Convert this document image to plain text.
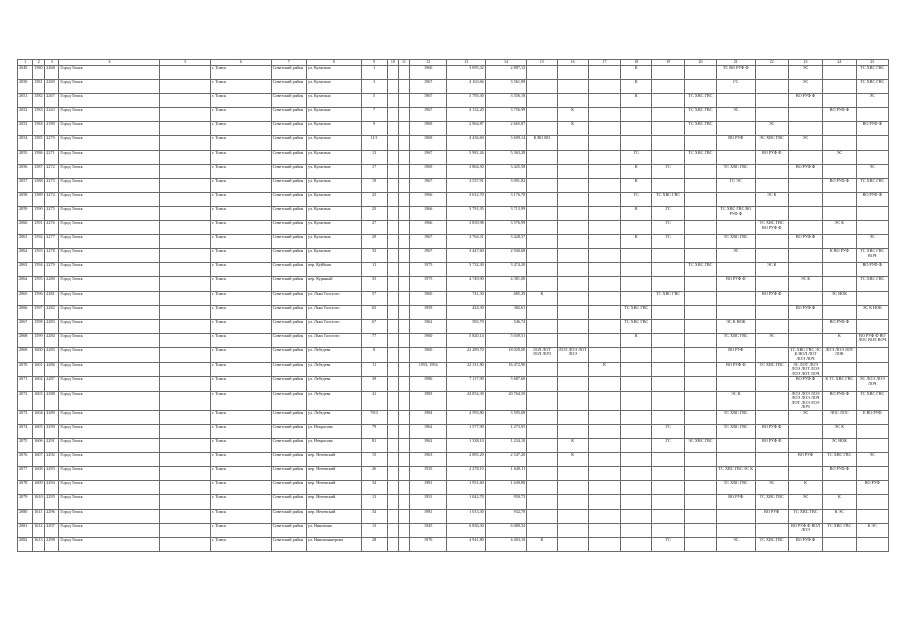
1	2	3	4	5	6	7	8	9	10	11	12	13	14	15	16	17	18	19	20	21	22	23	24	25
2049	1580	2268	Город Томск		г. Томск	Советский район	ул. Кулагина	1			1960	3 095,32	2 887,12				К			ТС ВО РУФ Ф		ЭС		ТС ХВС ГВС
2050	1581	2269	Город Томск		г. Томск	Советский район	ул. Кулагина	3			1967	4 163,66	3 561,98				К			ГС		ЭС		ТС ХВС ГВС
2051	1582	2267	Город Томск		г. Томск	Советский район	ул. Кулагина	5			1967	3 795,30	3 356,18				К		ТС ХВС ГВС			ВО РУФ Ф		ЭС
2052	1583	2243	Город Томск		г. Томск	Советский район	ул. Кулагина	7			1967	4 132,20	3 756,99		К				ТС ХВС ГВС	ЭС			ВО РУФ Ф	
2053	1584	2189	Город Томск		г. Томск	Советский район	ул. Кулагина	9			1969	2 964,87	2 665,87		К				ТС ХВС ГВС		ЭС			ВО РУФ Ф
2054	1585	2270	Город Томск		г. Томск	Советский район	ул. Кулагина	11/1			1969	4 436,60	3 609,14	К ВО ВО						ВО РУФ	ЭС ХВС ГВС	ЭС		
2055	1586	2271	Город Томск		г. Томск	Советский район	ул. Кулагина	13			1967	5 981,26	5 363,28				ГС		ТС ХВС ГВС		ВО РУФ Ф		ЭС	
2056	1587	2272	Город Томск		г. Томск	Советский район	ул. Кулагина	17			1969	3 864,50	3 425,58				К	ГС		ТС ХВС ГВС		ВО РУФ Ф		ЭС
2057	1588	2273	Город Томск		г. Томск	Советский район	ул. Кулагина	19			1967	3 537,91	3 091,82				К			ГС ЭС			ВО РУФ Ф	ТС ХВС ГВС
2058	1589	2274	Город Томск		г. Томск	Советский район	ул. Кулагина	23			1966	3 612,70	3 176,70				ГС	ТС ХВС ГВС			ЭС К			ВО РУФ Ф
2059	1590	2275	Город Томск		г. Томск	Советский район	ул. Кулагина	25			1966	3 791,95	3 713,99				К	ГС		ТС ХВС ГВС ВО РУФ Ф				
2060	1591	2276	Город Томск		г. Томск	Советский район	ул. Кулагина	27			1966	3 839,98	3 576,99					ГС			ТС ХВС ГВС ВО РУФ Ф		ЭС К	
2061	1592	2277	Город Томск		г. Томск	Советский район	ул. Кулагина	29			1967	3 764,31	3 428,57				К	ГС		ТС ХВС ГВС		ВО РУФ Ф		ЭС
2062	1593	2278	Город Томск		г. Томск	Советский район	ул. Кулагина	33			1967	3 447,60	2 940,68							ЭС			К ВО РУФ	ТС ХВС ГВС ВОЧ
2063	1594	2279	Город Томск		г. Томск	Советский район	пер. Куйбыш	11			1975	3 732,30	3 474,20						ТС ХВС ГВС		ЭС К			ВО РУФ Ф
2064	1595	2280	Город Томск		г. Томск	Советский район	пер. Куриный	35			1975	4 749,90	4 381,00							ВО РУФ Ф		ЭС К		ТС ХВС ГВС
2065	1596	2281	Город Томск		г. Томск	Советский район	ул. Льва Толстого	57			1960	741,30	685,29	К				ТС ХВС ГВС			ВО РУФ Ф		ЭС НОК	
2066	1597	2282	Город Томск		г. Томск	Советский район	ул. Льва Толстого	65			1959	424,30	382,61				ТС ХВС ГВС					ВО РУФ Ф		ЭС К НОК
2067	1598	2283	Город Томск		г. Томск	Советский район	ул. Льва Толстого	67			1962	583,70	546,74				ТС ХВС ГВС			ЭС К НОК			ВО РУФ Ф	
2068	1599	2284	Город Томск		г. Томск	Советский район	ул. Льва Толстого	77			1960	5 820,14	5 039,51				К			ТС ХВС ГВС	ЭС		К	ВО РУФ Ф ВО ЛОС ВОЛ ВОЧ
2069	1600	2285	Город Томск		г. Томск	Советский район	ул. Лебедева	8			1960	22 289,70	18 029,00	ЛОЛ ЛОТ ЛОЛ ЛОЧ	ЛОЭ ЛОЭ ЛОТ ЛОЭ					ВО РУФ		ТС ХВС ГВС ЭС К НОЛ ЛОТ ЛОЭ ЛОЧ	ЛОЭ ЛОЭ ЛОТ ЛОК	
2070	1601	2286	Город Томск		г. Томск	Советский район	ул. Лебедева	11			1953, 1954	22 311,80	16 472,90			К				ВО РУФ Ф	ТС ХВС ГВС	ЭС ЛОТ ЛОЭ ЛОЭ ЛОТ ЛОЭ ЛОЭ ЛОТ ЛОЧ		
2071	1602	2287	Город Томск		г. Томск	Советский район	ул. Лебедева	39			1986	7 117,90	5 687,60									ВО РУФ Ф	К ТС ХВС ГВС	ЭС ЛОЭ ЛОЭ ЛОЧ
2072	1603	2288	Город Томск		г. Томск	Советский район	ул. Лебедева	41			1983	24 854,30	20 764,50							ЭС К		ЛОЭ ЛОЭ ЛОЭ ЛОЭ ЛОЭ ЛОЧ ЛОТ ЛОЭ ЛОЭ ЛОЧ	ВО РУФ Ф	ТС ХВС ГВС
2073	1604	2289	Город Томск		г. Томск	Советский район	ул. Лебедева	78/3			1984	4 595,80	3 595,08							ТС ХВС ГВС		ЭС	ЛОС ЛОС	Е ВО РУФ
2074	1605	2290	Город Томск		г. Томск	Советский район	ул. Некрасова	79			1962	1 577,90	1 273,95					ГС		ТС ХВС ГВС	ВО РУФ Ф		ЭС К	
2075	1606	2291	Город Томск		г. Томск	Советский район	ул. Некрасова	81			1962	1 338,10	1 234,10		К			ГС	ЭС ХВС ГВС		ВО РУФ Ф		ЭС НОК	
2076	1607	2292	Город Томск		г. Томск	Советский район	пер. Нечевский	15			1963	2 895,20	2 547,20		К							ВО РУФ	ТС ХВС ГВС	ЭС
2077	1608	2293	Город Томск		г. Томск	Советский район	пер. Нечевский	26			1935	2 278,10	1 649,11							ТС ХВС ГВС ЭС К			ВО РУФ Ф	
2078	1609	2294	Город Томск		г. Томск	Советский район	пер. Нечевский	34			1981	1 951,60	1 649,80							ТС ХВС ГВС	ЭС	К		ВО РУФ
2079	1610	2295	Город Томск		г. Томск	Советский район	пер. Нечевский	13			1951	1 042,70	950,73							ВО РУФ	ТС ХВС ГВС	ЭС	К	
2080	1611	2296	Город Томск		г. Томск	Советский район	пер. Нечевский	34			1981	1 013,30	932,78								ВО РУФ	ТС ХВС ГВС	К ЭС	
2081	1612	2297	Город Томск		г. Томск	Советский район	ул. Никитина	13			1945	6 836,30	6 080,34									ВО РУФ Ф ВОЛ ЛОЭ	ТС ХВС ГВС	К ЭС
2082	1613	2298	Город Томск		г. Томск	Советский район	ул. Никитиншерова	28			1970	4 941,80	4 403,10	К				ГС		ЭС	ТС ХВС ГВС	ВО РУФ Ф		
